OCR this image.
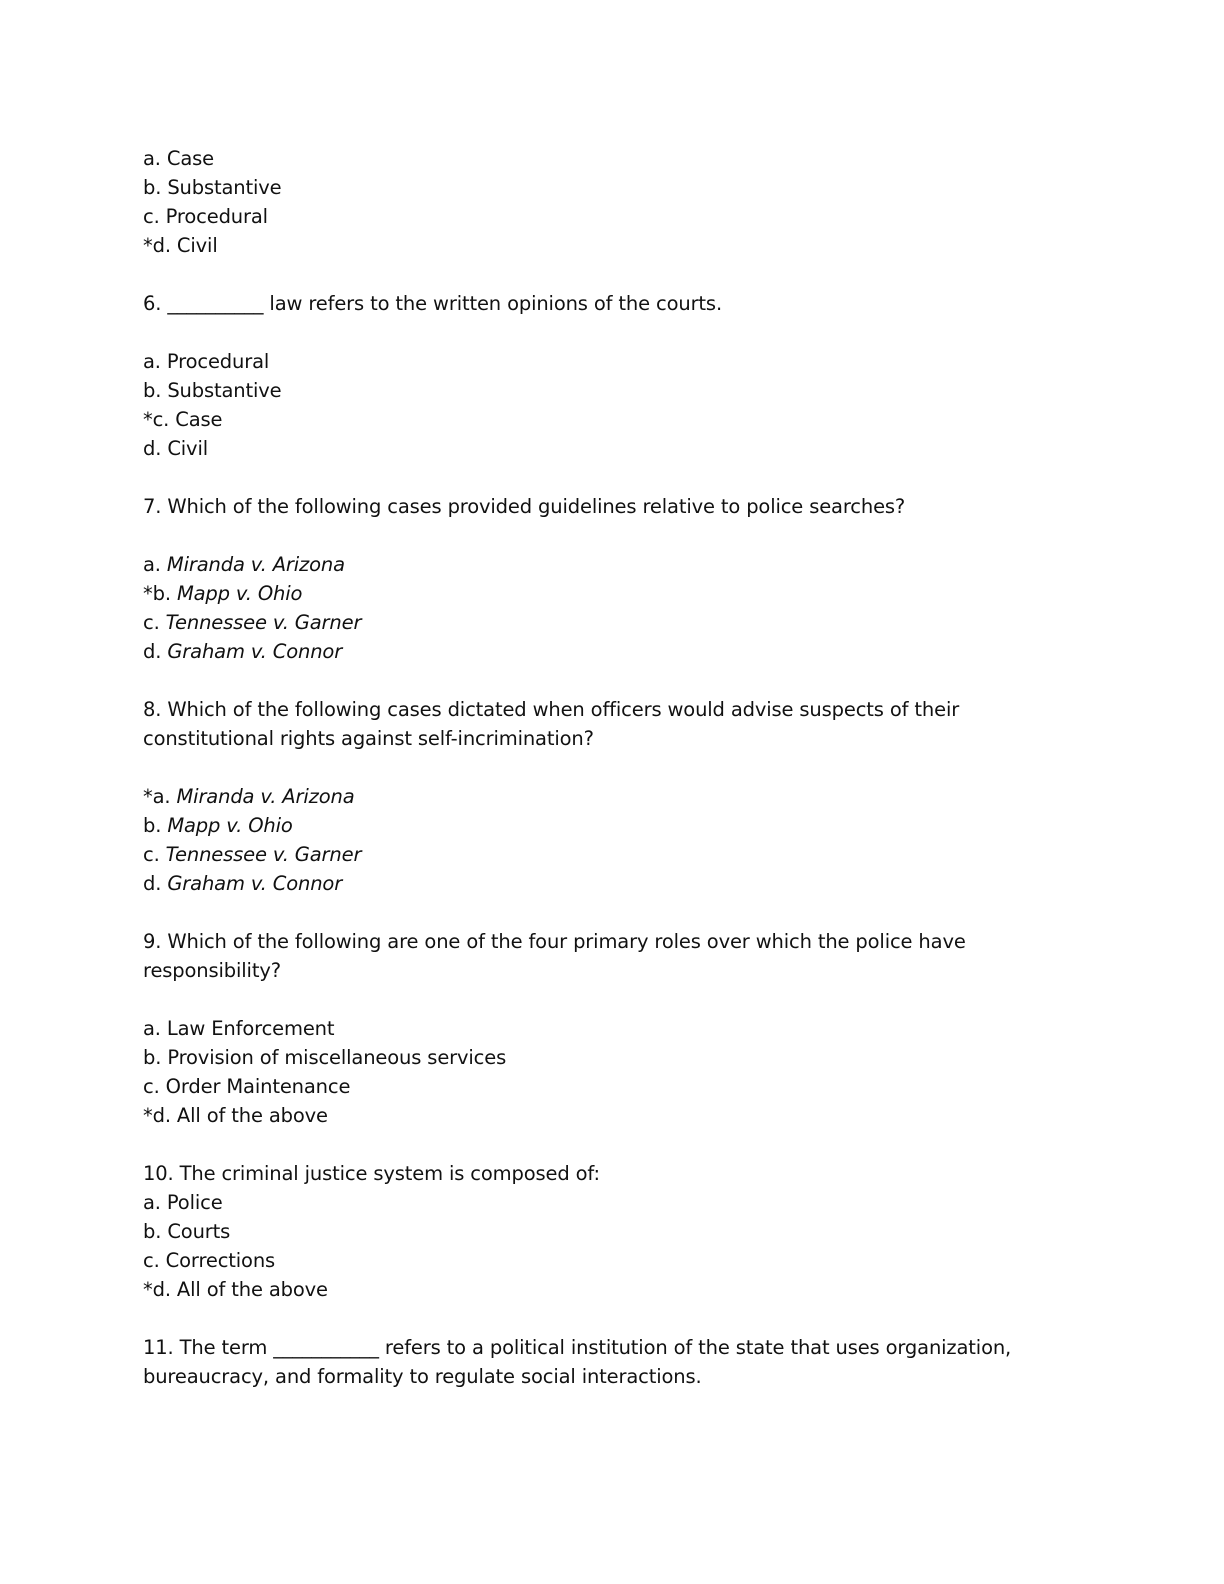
a. Case

b. Substantive

c. Procedural

*d. Civil

6. __________ law refers to the written opinions of the courts.

a. Procedural

b. Substantive

*c. Case

d. Civil

7. Which of the following cases provided guidelines relative to police searches?

a. Miranda v. Arizona

*b. Mapp v. Ohio

c. Tennessee v. Garner

d. Graham v. Connor

8. Which of the following cases dictated when officers would advise suspects of their

constitutional rights against self-incrimination?

*a. Miranda v. Arizona

b. Mapp v. Ohio

c. Tennessee v. Garner

d. Graham v. Connor

9. Which of the following are one of the four primary roles over which the police have

responsibility?

a. Law Enforcement

b. Provision of miscellaneous services

c. Order Maintenance

*d. All of the above

10. The criminal justice system is composed of:

a. Police

b. Courts

c. Corrections

*d. All of the above

11. The term ___________ refers to a political institution of the state that uses organization,

bureaucracy, and formality to regulate social interactions.
